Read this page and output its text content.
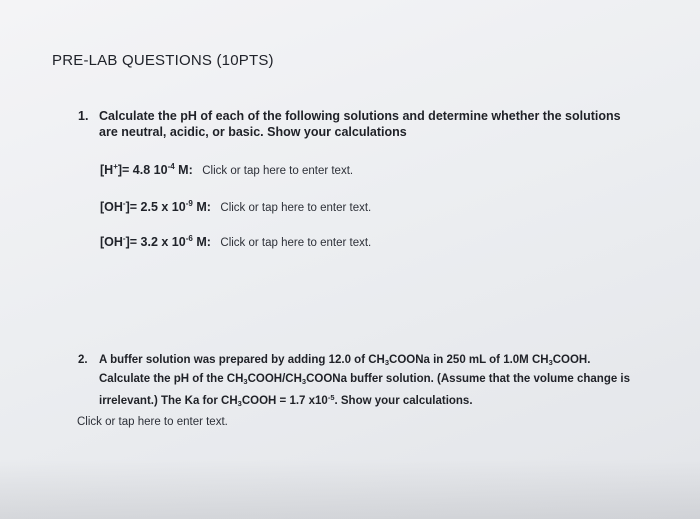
PRE-LAB QUESTIONS (10PTS)
1. Calculate the pH of each of the following solutions and determine whether the solutions are neutral, acidic, or basic. Show your calculations
[H+]= 4.8 $10^{-4}$ M: Click or tap here to enter text.
[OH-]= 2.5 x $10^{-9}$ M: Click or tap here to enter text.
[OH-]= 3.2 x $10^{-6}$ M: Click or tap here to enter text.
2. A buffer solution was prepared by adding 12.0 of $CH_3COONa$ in 250 mL of 1.0M $CH_3COOH$.
Calculate the pH of the $CH_3COOH/CH_3COONa$ buffer solution. (Assume that the volume change is
irrelevant.) The Ka for $CH_3COOH = 1.7$ $x10^{-5}$. Show your calculations.
Click or tap here to enter text.
